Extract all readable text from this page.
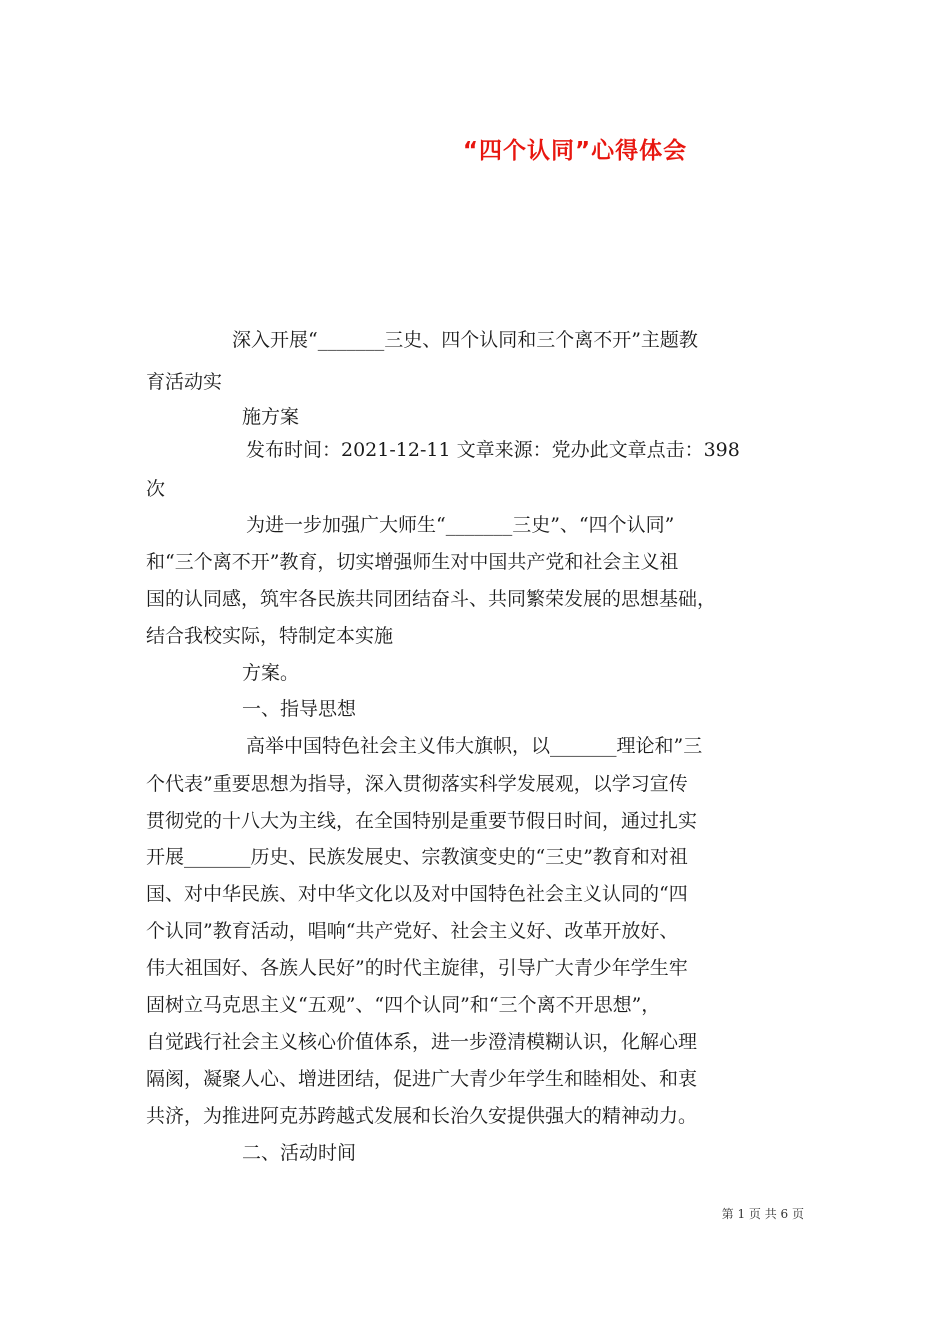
“四个认同”心得体会
深入开展“_______三史、四个认同和三个离不开”主题教
育活动实
施方案
发布时间：2021-12-11 文章来源：党办此文章点击：398
次
为进一步加强广大师生“_______三史”、“四个认同”
和“三个离不开”教育，切实增强师生对中国共产党和社会主义祖
国的认同感，筑牢各民族共同团结奋斗、共同繁荣发展的思想基础，
结合我校实际，特制定本实施
方案。
一、指导思想
高举中国特色社会主义伟大旗帜，以_______理论和”三
个代表”重要思想为指导，深入贯彻落实科学发展观，以学习宣传
贯彻党的十八大为主线，在全国特别是重要节假日时间，通过扎实
开展_______历史、民族发展史、宗教演变史的“三史”教育和对祖
国、对中华民族、对中华文化以及对中国特色社会主义认同的“四
个认同”教育活动，唱响“共产党好、社会主义好、改革开放好、
伟大祖国好、各族人民好”的时代主旋律，引导广大青少年学生牢
固树立马克思主义“五观”、“四个认同”和“三个离不开思想”，
自觉践行社会主义核心价值体系，进一步澄清模糊认识，化解心理
隔阂，凝聚人心、增进团结，促进广大青少年学生和睦相处、和衷
共济，为推进阿克苏跨越式发展和长治久安提供强大的精神动力。
二、活动时间
第 1 页 共 6 页
